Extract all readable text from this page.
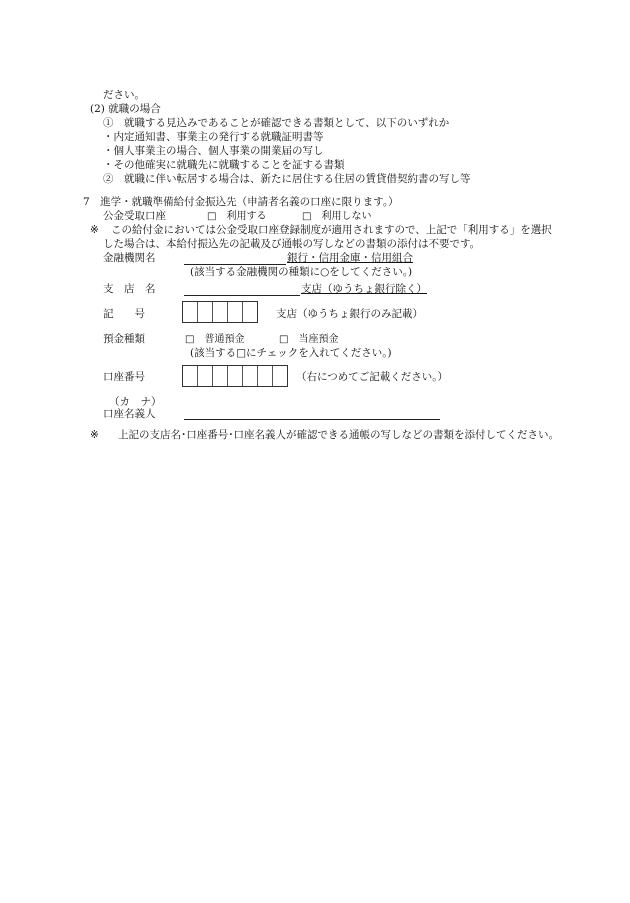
ださい。
(2) 就職の場合
①　就職する見込みであることが確認できる書類として、以下のいずれか
・内定通知書、事業主の発行する就職証明書等
・個人事業主の場合、個人事業の開業届の写し
・その他確実に就職先に就職することを証する書類
②　就職に伴い転居する場合は、新たに居住する住居の賃貸借契約書の写し等
7　進学・就職準備給付金振込先（申請者名義の口座に限ります。）
公金受取口座	□　利用する	□　利用しない
※ この給付金においては公金受取口座登録制度が適用されますので、上記で「利用する」を選択
した場合は、本給付振込先の記載及び通帳の写しなどの書類の添付は不要です。
金融機関名	銀行・信用金庫・信用組合
(該当する金融機関の種類に○をしてください。)
支　店　名	支店（ゆうちょ銀行除く）
記　　号	支店（ゆうちょ銀行のみ記載）
預金種類	□　普通預金	□　当座預金
(該当する□にチェックを入れてください。)
口座番号	（右につめてご記載ください。）
（カ　ナ）
口座名義人
※ 上記の支店名･口座番号･口座名義人が確認できる通帳の写しなどの書類を添付してください。
